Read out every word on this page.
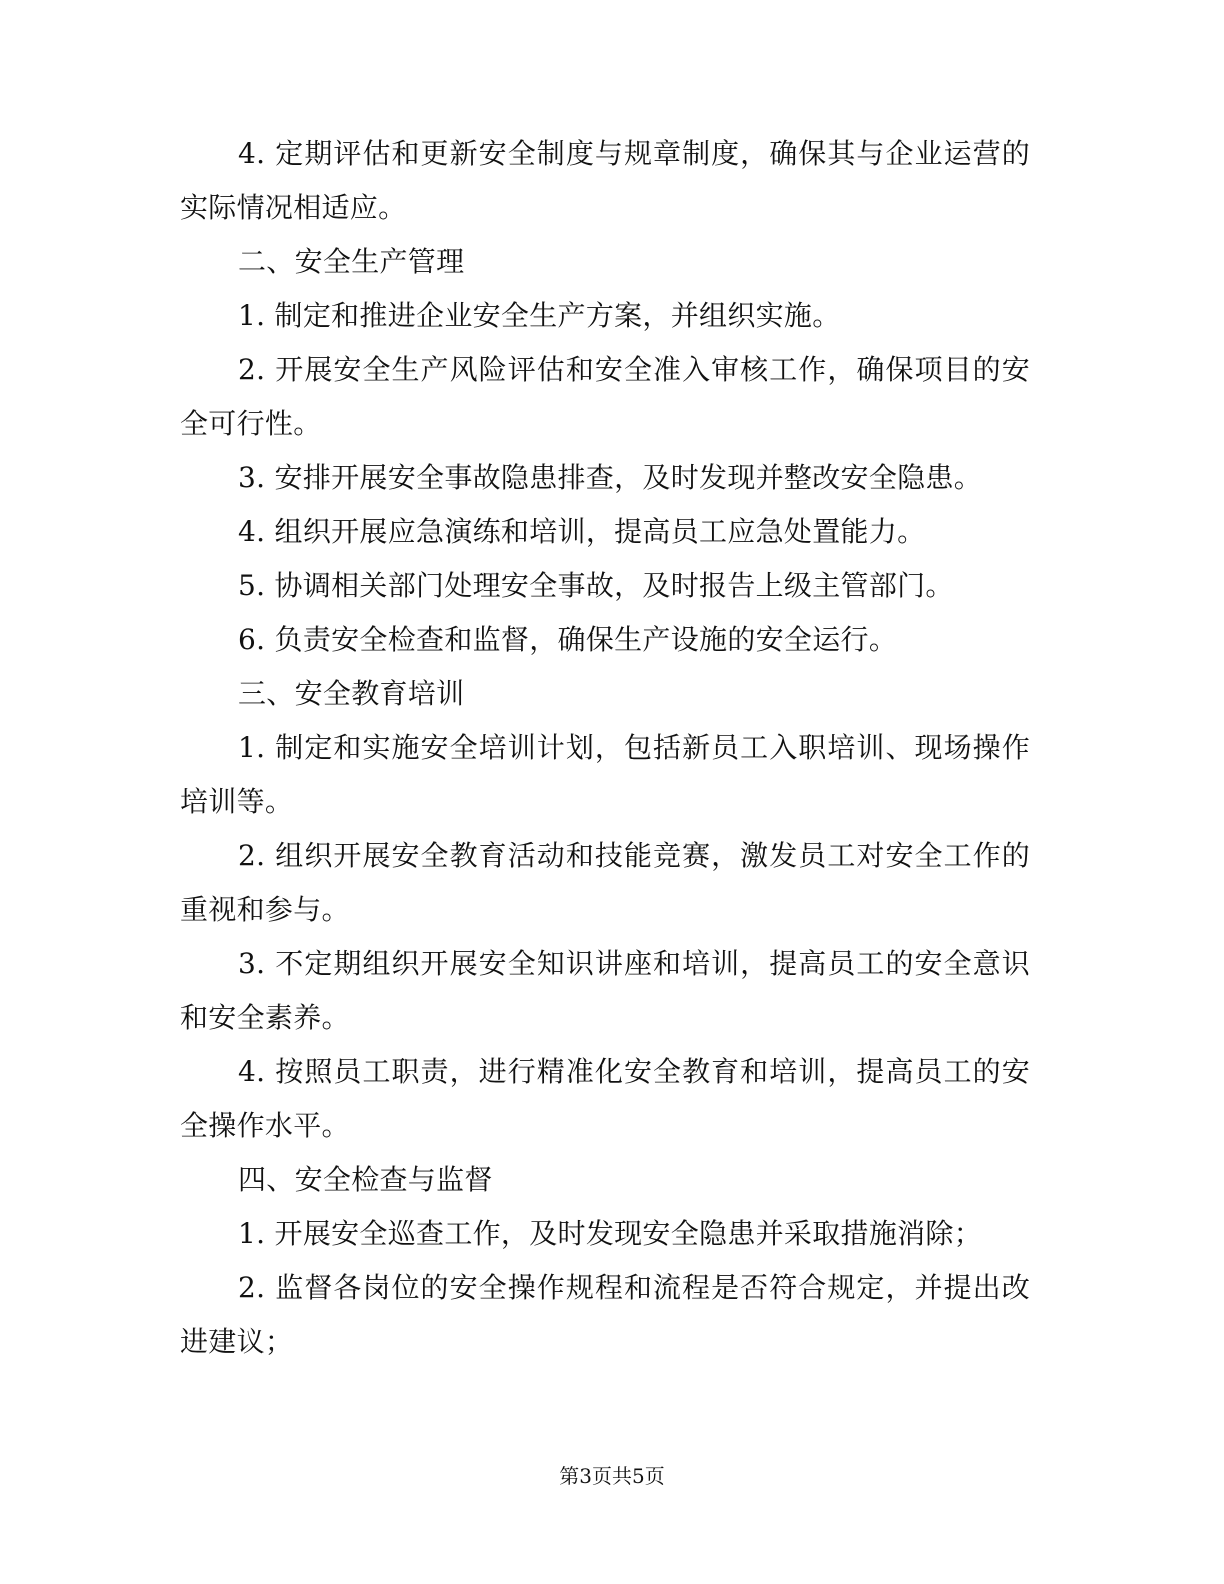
4. 定期评估和更新安全制度与规章制度，确保其与企业运营的实际情况相适应。

二、安全生产管理

1. 制定和推进企业安全生产方案，并组织实施。

2. 开展安全生产风险评估和安全准入审核工作，确保项目的安全可行性。

3. 安排开展安全事故隐患排查，及时发现并整改安全隐患。

4. 组织开展应急演练和培训，提高员工应急处置能力。

5. 协调相关部门处理安全事故，及时报告上级主管部门。

6. 负责安全检查和监督，确保生产设施的安全运行。

三、安全教育培训

1. 制定和实施安全培训计划，包括新员工入职培训、现场操作培训等。

2. 组织开展安全教育活动和技能竞赛，激发员工对安全工作的重视和参与。

3. 不定期组织开展安全知识讲座和培训，提高员工的安全意识和安全素养。

4. 按照员工职责，进行精准化安全教育和培训，提高员工的安全操作水平。

四、安全检查与监督

1. 开展安全巡查工作，及时发现安全隐患并采取措施消除；

2. 监督各岗位的安全操作规程和流程是否符合规定，并提出改进建议；

第3页共5页
